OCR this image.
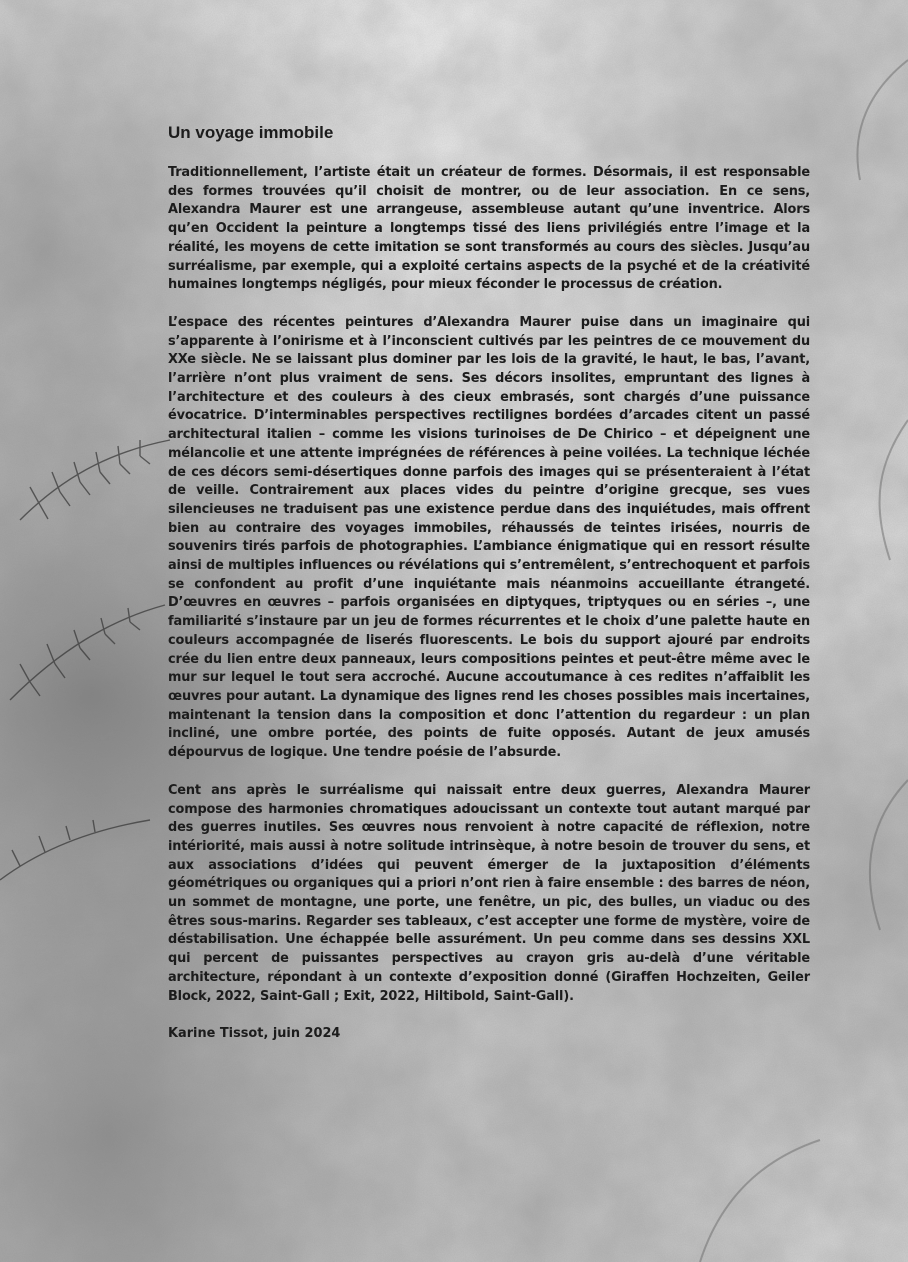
Un voyage immobile

Traditionnellement, l’artiste était un créateur de formes. Désormais, il est responsable des formes trouvées qu’il choisit de montrer, ou de leur association. En ce sens, Alexandra Maurer est une arrangeuse, assembleuse autant qu’une inventrice. Alors qu’en Occident la peinture a longtemps tissé des liens privilégiés entre l’image et la réalité, les moyens de cette imitation se sont transformés au cours des siècles. Jusqu’au surréalisme, par exemple, qui a exploité certains aspects de la psyché et de la créativité humaines longtemps négligés, pour mieux féconder le processus de création.

L’espace des récentes peintures d’Alexandra Maurer puise dans un imaginaire qui s’apparente à l’onirisme et à l’inconscient cultivés par les peintres de ce mouvement du XXe siècle. Ne se laissant plus dominer par les lois de la gravité, le haut, le bas, l’avant, l’arrière n’ont plus vraiment de sens. Ses décors insolites, empruntant des lignes à l’architecture et des couleurs à des cieux embrasés, sont chargés d’une puissance évocatrice. D’interminables perspectives rectilignes bordées d’arcades citent un passé architectural italien – comme les visions turinoises de De Chirico – et dépeignent une mélancolie et une attente imprégnées de références à peine voilées. La technique léchée de ces décors semi-désertiques donne parfois des images qui se présenteraient à l’état de veille. Contrairement aux places vides du peintre d’origine grecque, ses vues silencieuses ne traduisent pas une existence perdue dans des inquiétudes, mais offrent bien au contraire des voyages immobiles, réhaussés de teintes irisées, nourris de souvenirs tirés parfois de photographies. L’ambiance énigmatique qui en ressort résulte ainsi de multiples influences ou révélations qui s’entremêlent, s’entrechoquent et parfois se confondent au profit d’une inquiétante mais néanmoins accueillante étrangeté. D’œuvres en œuvres – parfois organisées en diptyques, triptyques ou en séries –, une familiarité s’instaure par un jeu de formes récurrentes et le choix d’une palette haute en couleurs accompagnée de liserés fluorescents. Le bois du support ajouré par endroits crée du lien entre deux panneaux, leurs compositions peintes et peut-être même avec le mur sur lequel le tout sera accroché. Aucune accoutumance à ces redites n’affaiblit les œuvres pour autant. La dynamique des lignes rend les choses possibles mais incertaines, maintenant la tension dans la composition et donc l’attention du regardeur : un plan incliné, une ombre portée, des points de fuite opposés. Autant de jeux amusés dépourvus de logique. Une tendre poésie de l’absurde.

Cent ans après le surréalisme qui naissait entre deux guerres, Alexandra Maurer compose des harmonies chromatiques adoucissant un contexte tout autant marqué par des guerres inutiles. Ses œuvres nous renvoient à notre capacité de réflexion, notre intériorité, mais aussi à notre solitude intrinsèque, à notre besoin de trouver du sens, et aux associations d’idées qui peuvent émerger de la juxtaposition d’éléments géométriques ou organiques qui a priori n’ont rien à faire ensemble : des barres de néon, un sommet de montagne, une porte, une fenêtre, un pic, des bulles, un viaduc ou des êtres sous-marins. Regarder ses tableaux, c’est accepter une forme de mystère, voire de déstabilisation. Une échappée belle assurément. Un peu comme dans ses dessins XXL qui percent de puissantes perspectives au crayon gris au-delà d’une véritable architecture, répondant à un contexte d’exposition donné (Giraffen Hochzeiten, Geiler Block, 2022, Saint-Gall ; Exit, 2022, Hiltibold, Saint-Gall).

Karine Tissot, juin 2024
